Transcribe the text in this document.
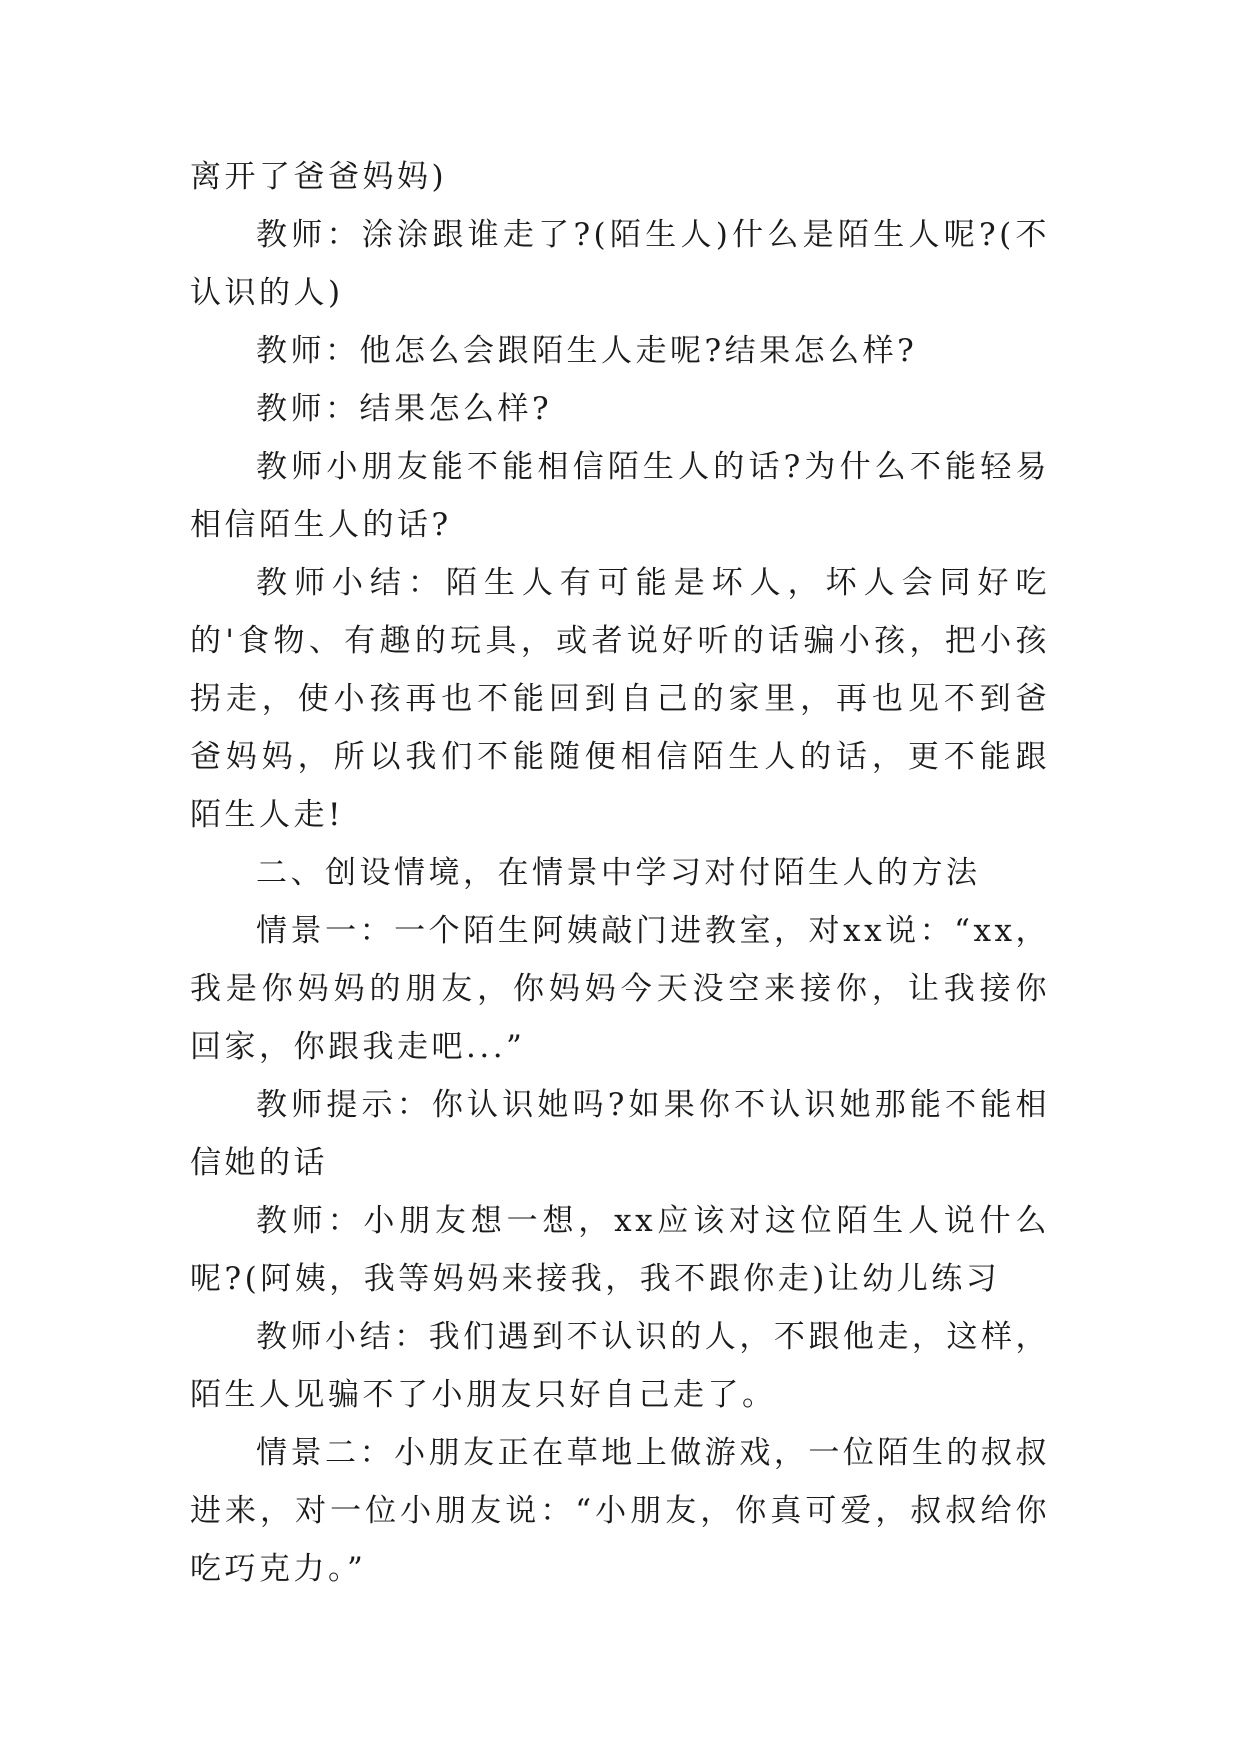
离开了爸爸妈妈)

教师：涂涂跟谁走了?(陌生人)什么是陌生人呢?(不认识的人)

教师：他怎么会跟陌生人走呢?结果怎么样?

教师：结果怎么样?

教师小朋友能不能相信陌生人的话?为什么不能轻易相信陌生人的话?

教师小结：陌生人有可能是坏人，坏人会同好吃的'食物、有趣的玩具，或者说好听的话骗小孩，把小孩拐走，使小孩再也不能回到自己的家里，再也见不到爸爸妈妈，所以我们不能随便相信陌生人的话，更不能跟陌生人走!

二、创设情境，在情景中学习对付陌生人的方法

情景一：一个陌生阿姨敲门进教室，对xx说：“xx，我是你妈妈的朋友，你妈妈今天没空来接你，让我接你回家，你跟我走吧...”

教师提示：你认识她吗?如果你不认识她那能不能相信她的话

教师：小朋友想一想，xx应该对这位陌生人说什么呢?(阿姨，我等妈妈来接我，我不跟你走)让幼儿练习

教师小结：我们遇到不认识的人，不跟他走，这样，陌生人见骗不了小朋友只好自己走了。

情景二：小朋友正在草地上做游戏，一位陌生的叔叔进来，对一位小朋友说：“小朋友，你真可爱，叔叔给你吃巧克力。”
